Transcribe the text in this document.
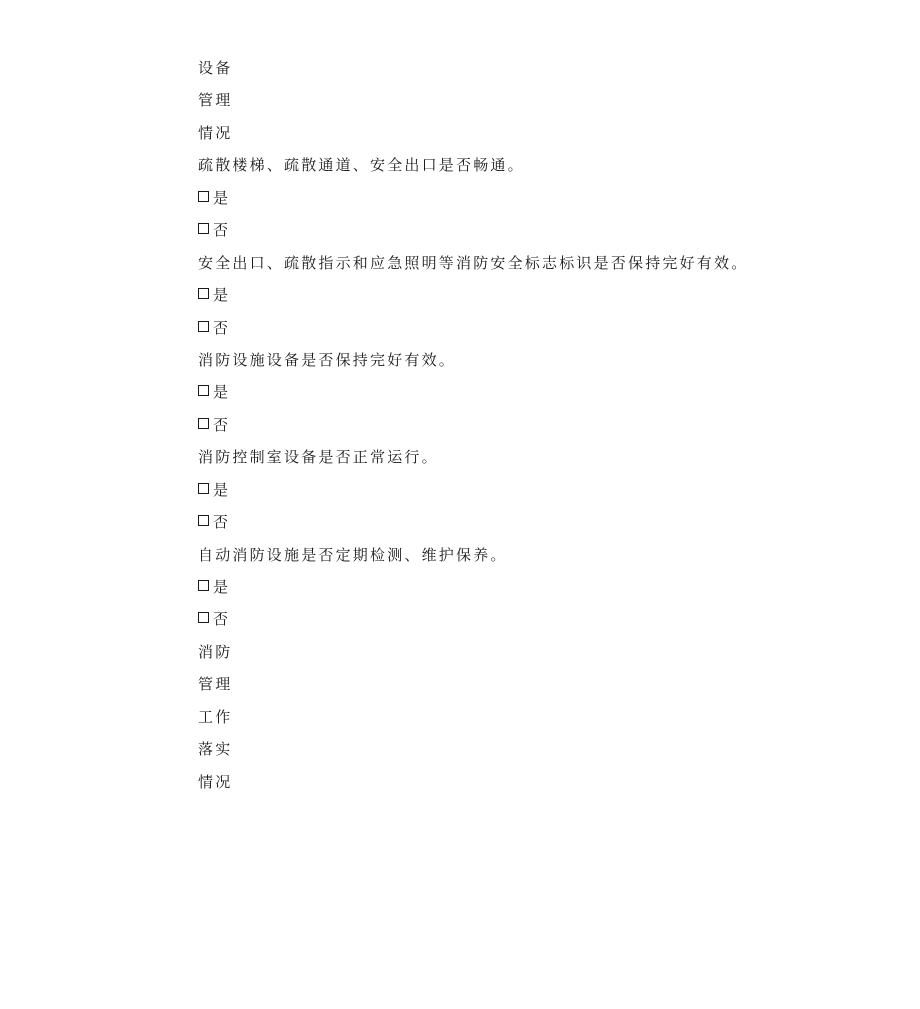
设备
管理
情况
疏散楼梯、疏散通道、安全出口是否畅通。
是
否
安全出口、疏散指示和应急照明等消防安全标志标识是否保持完好有效。
是
否
消防设施设备是否保持完好有效。
是
否
消防控制室设备是否正常运行。
是
否
自动消防设施是否定期检测、维护保养。
是
否
消防
管理
工作
落实
情况
